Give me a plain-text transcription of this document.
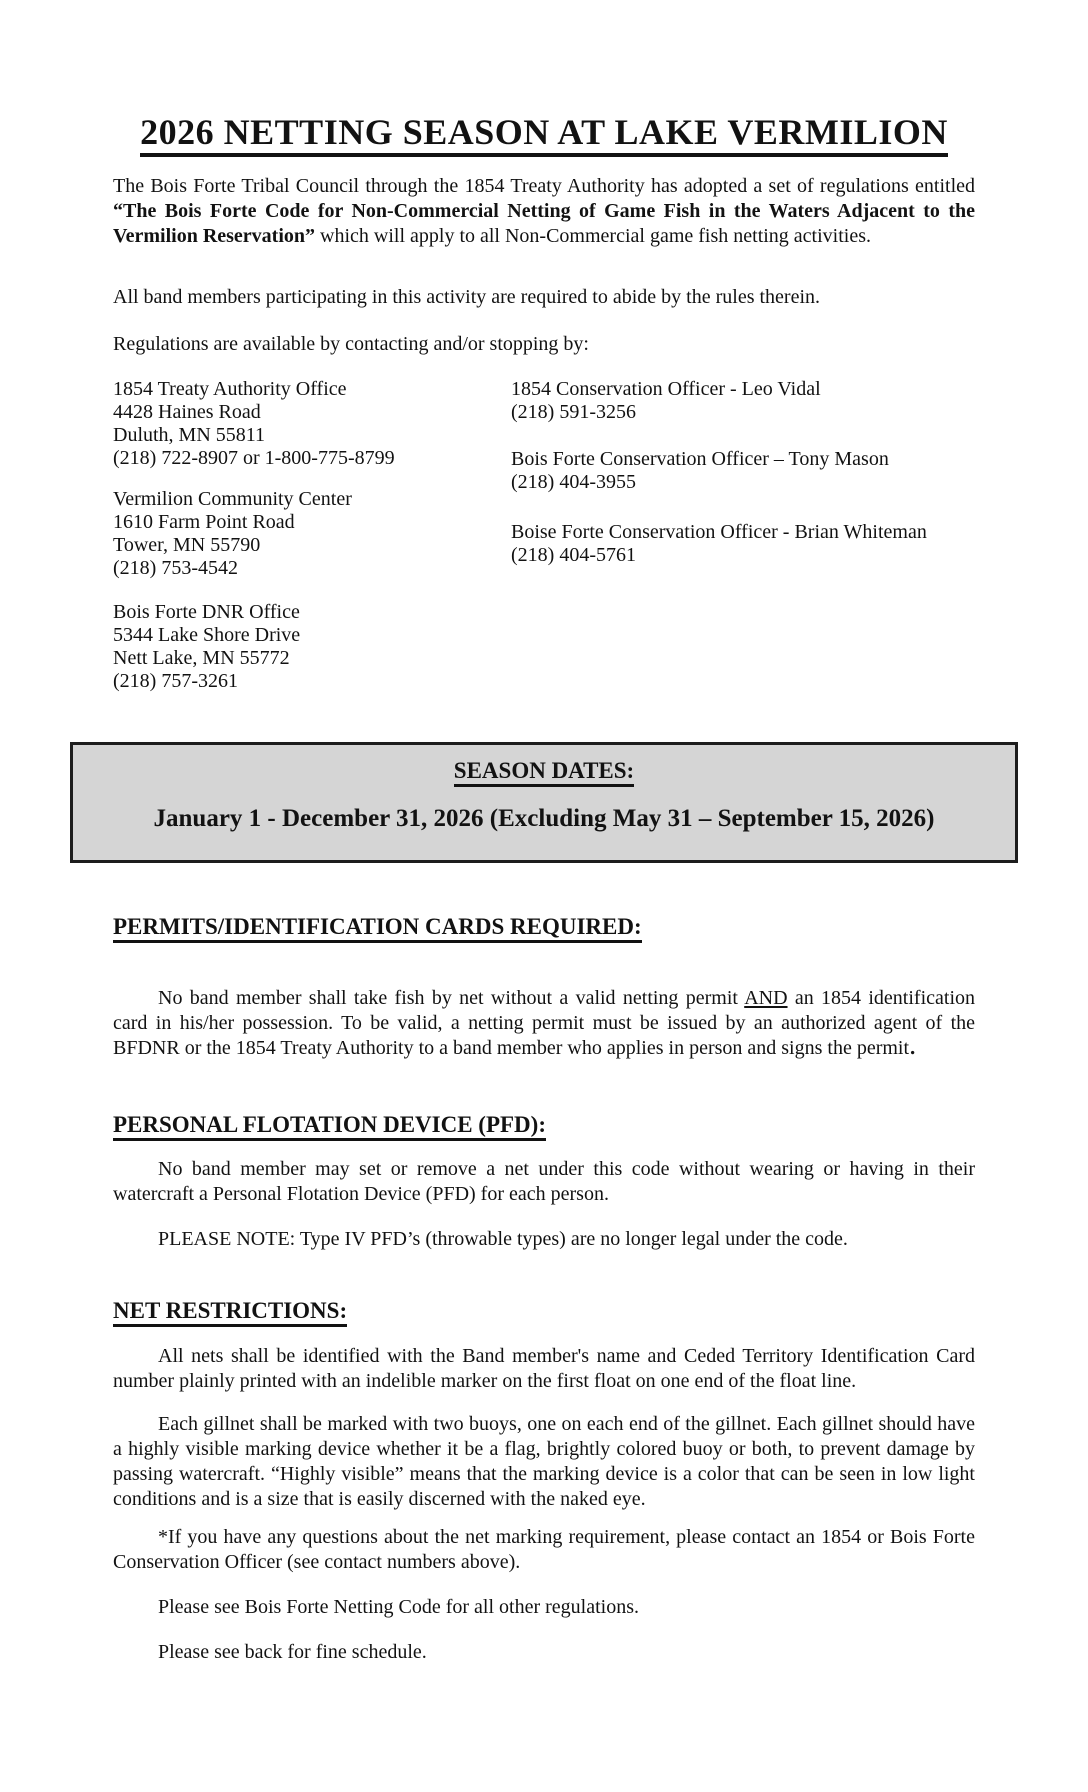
2026 NETTING SEASON AT LAKE VERMILION

The Bois Forte Tribal Council through the 1854 Treaty Authority has adopted a set of regulations entitled “The Bois Forte Code for Non-Commercial Netting of Game Fish in the Waters Adjacent to the Vermilion Reservation” which will apply to all Non-Commercial game fish netting activities.

All band members participating in this activity are required to abide by the rules therein.

Regulations are available by contacting and/or stopping by:

1854 Treaty Authority Office

4428 Haines Road

Duluth, MN 55811

(218) 722-8907 or 1-800-775-8799

Vermilion Community Center

1610 Farm Point Road

Tower, MN 55790

(218) 753-4542

Bois Forte DNR Office

5344 Lake Shore Drive

Nett Lake, MN 55772

(218) 757-3261

1854 Conservation Officer - Leo Vidal

(218) 591-3256

Bois Forte Conservation Officer – Tony Mason

(218) 404-3955

Boise Forte Conservation Officer - Brian Whiteman

(218) 404-5761

SEASON DATES:

January 1 - December 31, 2026 (Excluding May 31 – September 15, 2026)

PERMITS/IDENTIFICATION CARDS REQUIRED:

No band member shall take fish by net without a valid netting permit AND an 1854 identification card in his/her possession. To be valid, a netting permit must be issued by an authorized agent of the BFDNR or the 1854 Treaty Authority to a band member who applies in person and signs the permit.

PERSONAL FLOTATION DEVICE (PFD):

No band member may set or remove a net under this code without wearing or having in their watercraft a Personal Flotation Device (PFD) for each person.

PLEASE NOTE: Type IV PFD’s (throwable types) are no longer legal under the code.

NET RESTRICTIONS:

All nets shall be identified with the Band member's name and Ceded Territory Identification Card number plainly printed with an indelible marker on the first float on one end of the float line.

Each gillnet shall be marked with two buoys, one on each end of the gillnet. Each gillnet should have a highly visible marking device whether it be a flag, brightly colored buoy or both, to prevent damage by passing watercraft. “Highly visible” means that the marking device is a color that can be seen in low light conditions and is a size that is easily discerned with the naked eye.

*If you have any questions about the net marking requirement, please contact an 1854 or Bois Forte Conservation Officer (see contact numbers above).

Please see Bois Forte Netting Code for all other regulations.

Please see back for fine schedule.
